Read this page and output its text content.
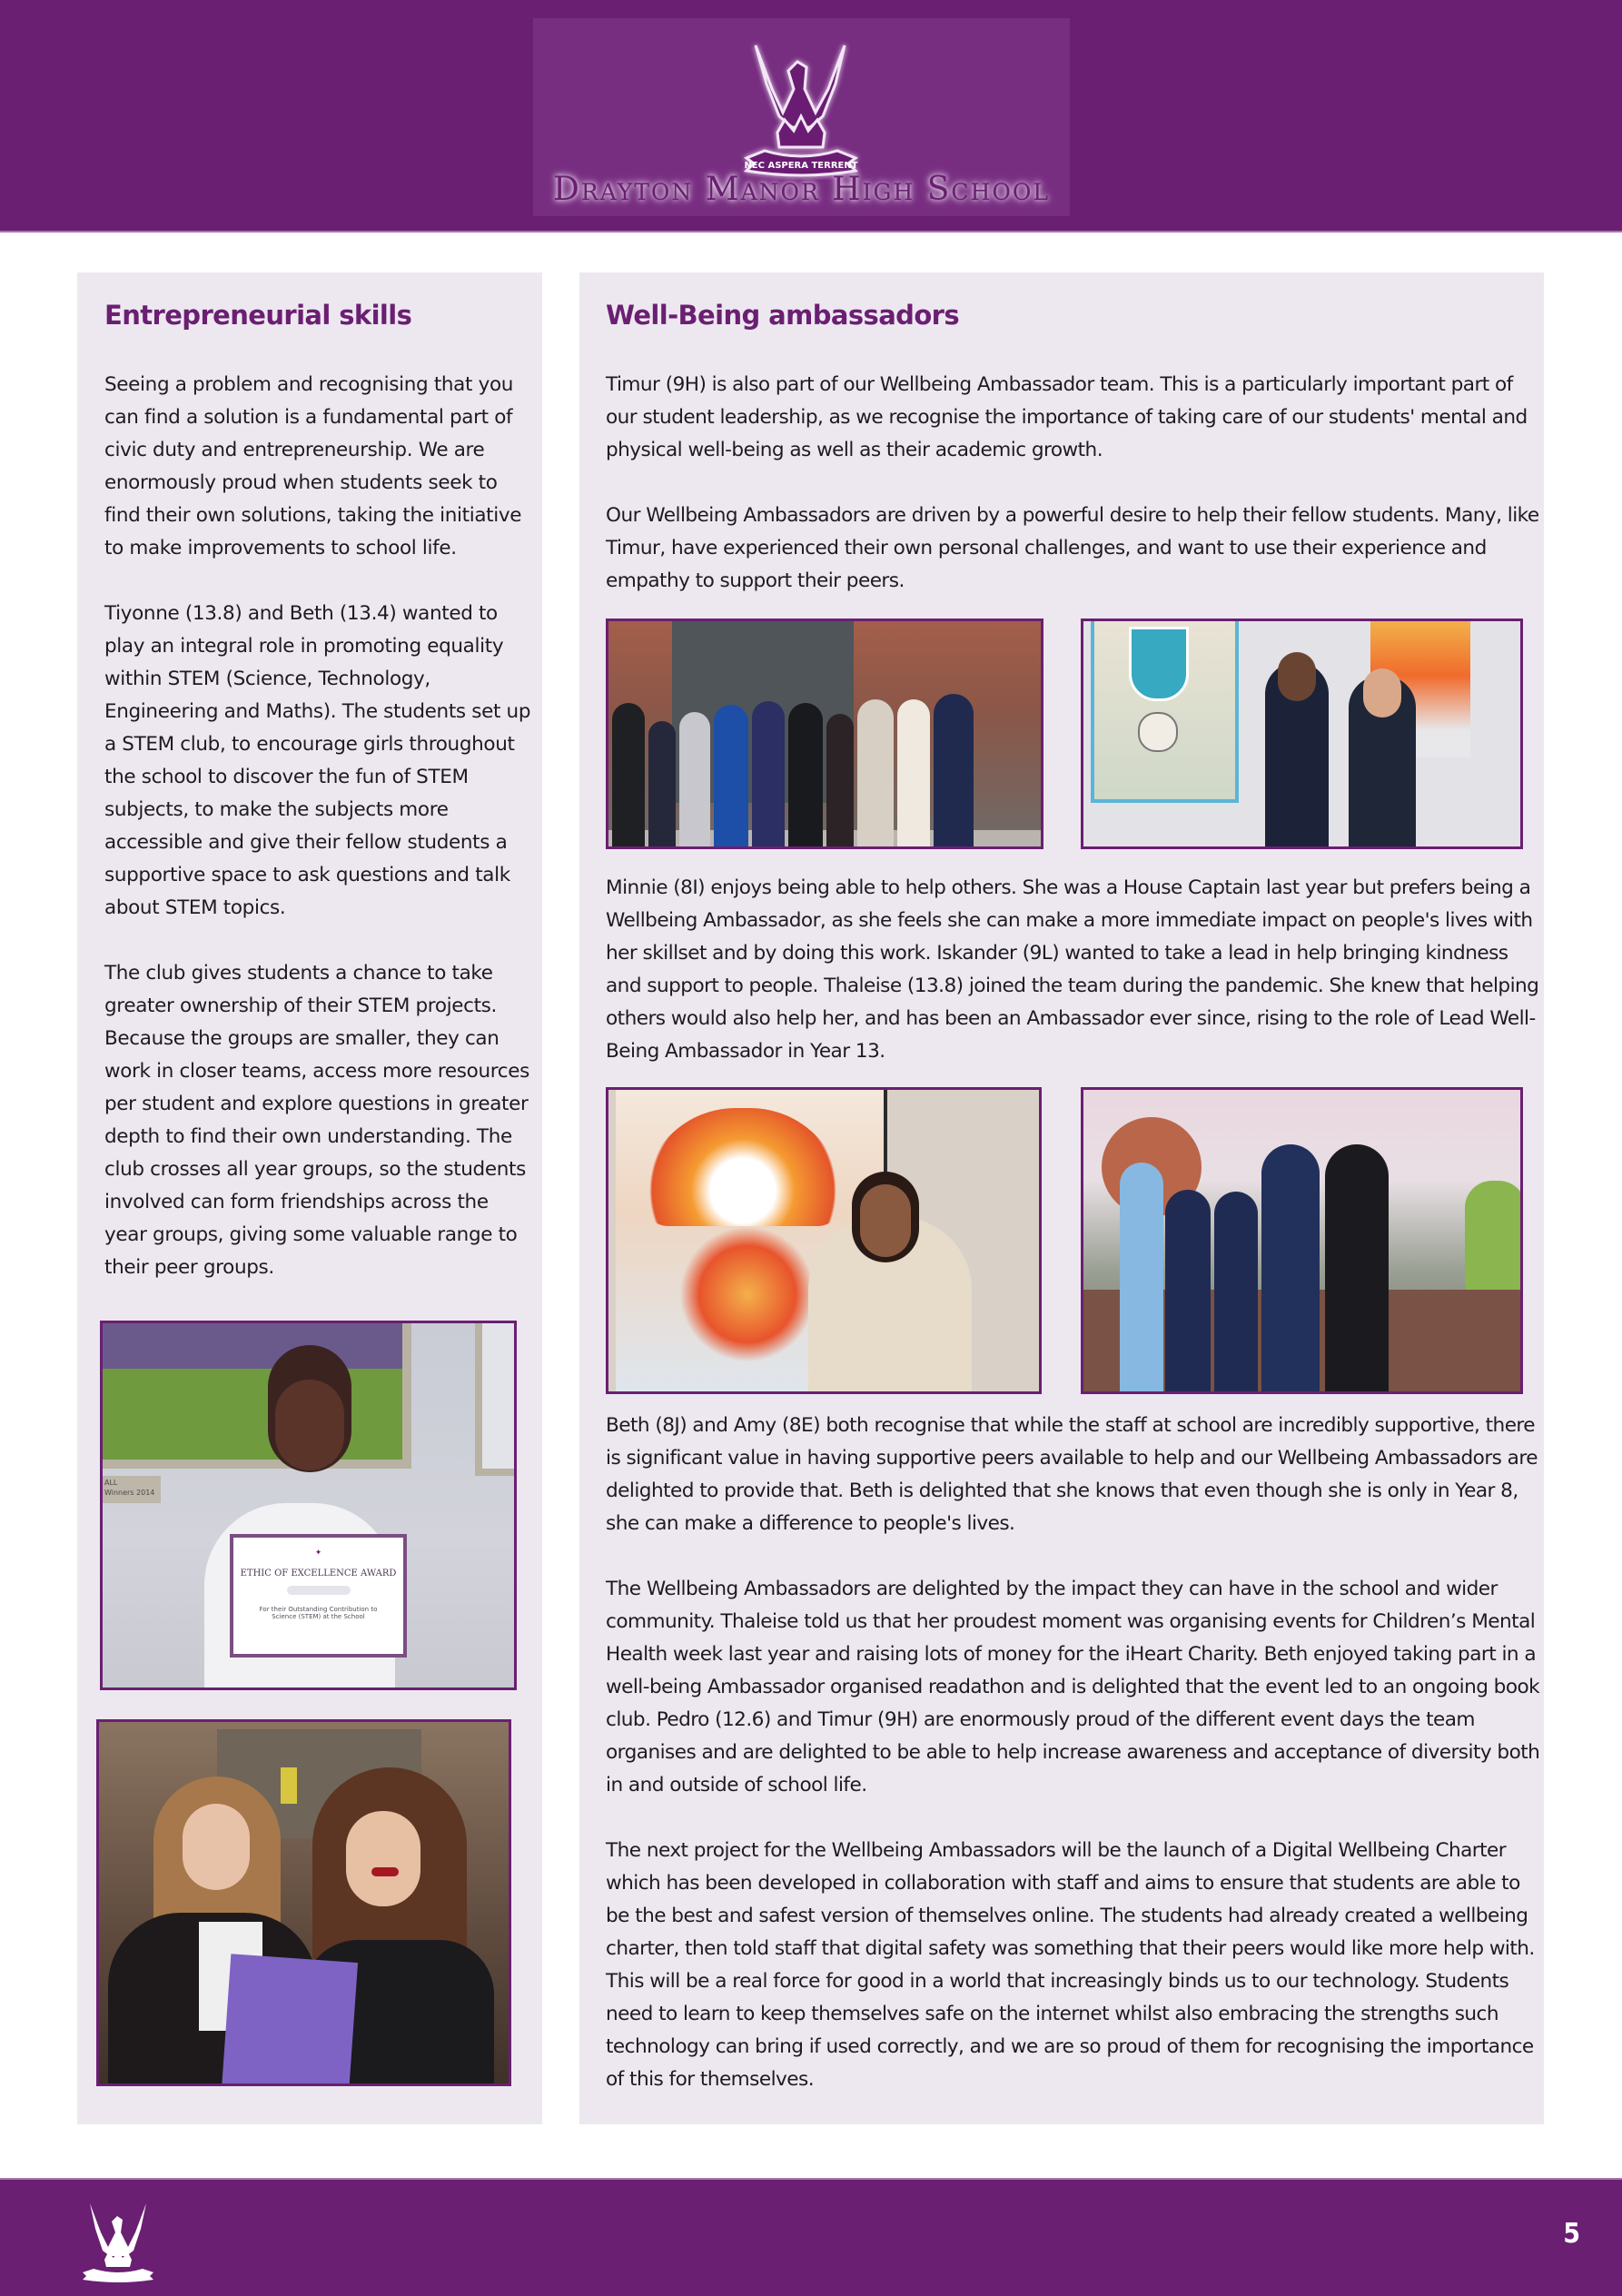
NEC ASPERA TERRENT
Drayton Manor High School
Entrepreneurial skills

Seeing a problem and recognising that you can find a solution is a fundamental part of civic duty and entrepreneurship. We are enormously proud when students seek to find their own solutions, taking the initiative to make improvements to school life.

Tiyonne (13.8) and Beth (13.4) wanted to play an integral role in promoting equality within STEM (Science, Technology, Engineering and Maths). The students set up a STEM club, to encourage girls throughout the school to discover the fun of STEM subjects, to make the subjects more accessible and give their fellow students a supportive space to ask questions and talk about STEM topics.

The club gives students a chance to take greater ownership of their STEM projects. Because the groups are smaller, they can work in closer teams, access more resources per student and explore questions in greater depth to find their own understanding. The club crosses all year groups, so the students involved can form friendships across the year groups, giving some valuable range to their peer groups.

ALL
Winners 2014
✦
ETHIC OF EXCELLENCE AWARD
For their Outstanding Contribution to
Science (STEM) at the School
Well-Being ambassadors

Timur (9H) is also part of our Wellbeing Ambassador team. This is a particularly important part of our student leadership, as we recognise the importance of taking care of our students' mental and physical well-being as well as their academic growth.

Our Wellbeing Ambassadors are driven by a powerful desire to help their fellow students. Many, like Timur, have experienced their own personal challenges, and want to use their experience and empathy to support their peers.

Minnie (8I) enjoys being able to help others. She was a House Captain last year but prefers being a Wellbeing Ambassador, as she feels she can make a more immediate impact on people's lives with her skillset and by doing this work. Iskander (9L) wanted to take a lead in help bringing kindness and support to people. Thaleise (13.8) joined the team during the pandemic. She knew that helping others would also help her, and has been an Ambassador ever since, rising to the role of Lead Well-Being Ambassador in Year 13.

Beth (8J) and Amy (8E) both recognise that while the staff at school are incredibly supportive, there is significant value in having supportive peers available to help and our Wellbeing Ambassadors are delighted to provide that. Beth is delighted that she knows that even though she is only in Year 8, she can make a difference to people's lives.

The Wellbeing Ambassadors are delighted by the impact they can have in the school and wider community. Thaleise told us that her proudest moment was organising events for Children’s Mental Health week last year and raising lots of money for the iHeart Charity. Beth enjoyed taking part in a well-being Ambassador organised readathon and is delighted that the event led to an ongoing book club. Pedro (12.6) and Timur (9H) are enormously proud of the different event days the team organises and are delighted to be able to help increase awareness and acceptance of diversity both in and outside of school life.

The next project for the Wellbeing Ambassadors will be the launch of a Digital Wellbeing Charter which has been developed in collaboration with staff and aims to ensure that students are able to be the best and safest version of themselves online. The students had already created a wellbeing charter, then told staff that digital safety was something that their peers would like more help with. This will be a real force for good in a world that increasingly binds us to our technology. Students need to learn to keep themselves safe on the internet whilst also embracing the strengths such technology can bring if used correctly, and we are so proud of them for recognising the importance of this for themselves.

5
